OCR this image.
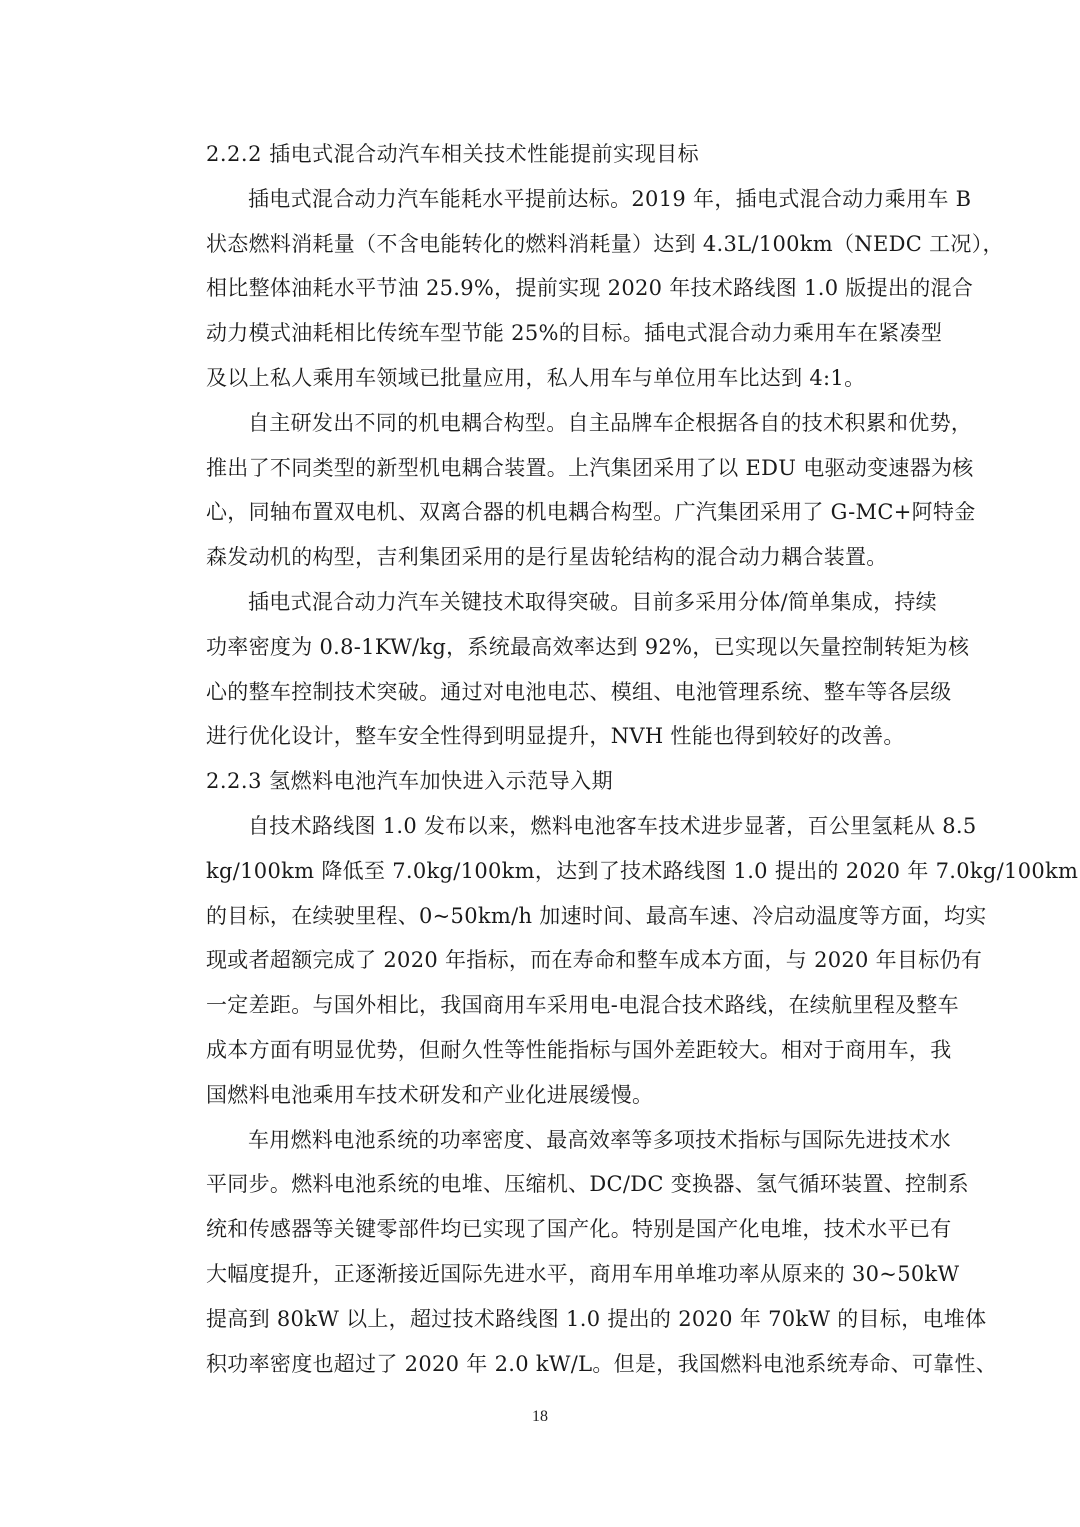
2.2.2 插电式混合动汽车相关技术性能提前实现目标

插电式混合动力汽车能耗水平提前达标。2019 年，插电式混合动力乘用车 B
状态燃料消耗量（不含电能转化的燃料消耗量）达到 4.3L/100km（NEDC 工况），
相比整体油耗水平节油 25.9%，提前实现 2020 年技术路线图 1.0 版提出的混合
动力模式油耗相比传统车型节能 25%的目标。插电式混合动力乘用车在紧凑型
及以上私人乘用车领域已批量应用，私人用车与单位用车比达到 4:1。

自主研发出不同的机电耦合构型。自主品牌车企根据各自的技术积累和优势，
推出了不同类型的新型机电耦合装置。上汽集团采用了以 EDU 电驱动变速器为核
心，同轴布置双电机、双离合器的机电耦合构型。广汽集团采用了 G-MC+阿特金
森发动机的构型，吉利集团采用的是行星齿轮结构的混合动力耦合装置。

插电式混合动力汽车关键技术取得突破。目前多采用分体/简单集成，持续
功率密度为 0.8-1KW/kg，系统最高效率达到 92%，已实现以矢量控制转矩为核
心的整车控制技术突破。通过对电池电芯、模组、电池管理系统、整车等各层级
进行优化设计，整车安全性得到明显提升，NVH 性能也得到较好的改善。

2.2.3 氢燃料电池汽车加快进入示范导入期

自技术路线图 1.0 发布以来，燃料电池客车技术进步显著，百公里氢耗从 8.5
kg/100km 降低至 7.0kg/100km，达到了技术路线图 1.0 提出的 2020 年 7.0kg/100km
的目标，在续驶里程、0~50km/h 加速时间、最高车速、冷启动温度等方面，均实
现或者超额完成了 2020 年指标，而在寿命和整车成本方面，与 2020 年目标仍有
一定差距。与国外相比，我国商用车采用电-电混合技术路线，在续航里程及整车
成本方面有明显优势，但耐久性等性能指标与国外差距较大。相对于商用车，我
国燃料电池乘用车技术研发和产业化进展缓慢。

车用燃料电池系统的功率密度、最高效率等多项技术指标与国际先进技术水
平同步。燃料电池系统的电堆、压缩机、DC/DC 变换器、氢气循环装置、控制系
统和传感器等关键零部件均已实现了国产化。特别是国产化电堆，技术水平已有
大幅度提升，正逐渐接近国际先进水平，商用车用单堆功率从原来的 30~50kW
提高到 80kW 以上，超过技术路线图 1.0 提出的 2020 年 70kW 的目标，电堆体
积功率密度也超过了 2020 年 2.0 kW/L。但是，我国燃料电池系统寿命、可靠性、

18
